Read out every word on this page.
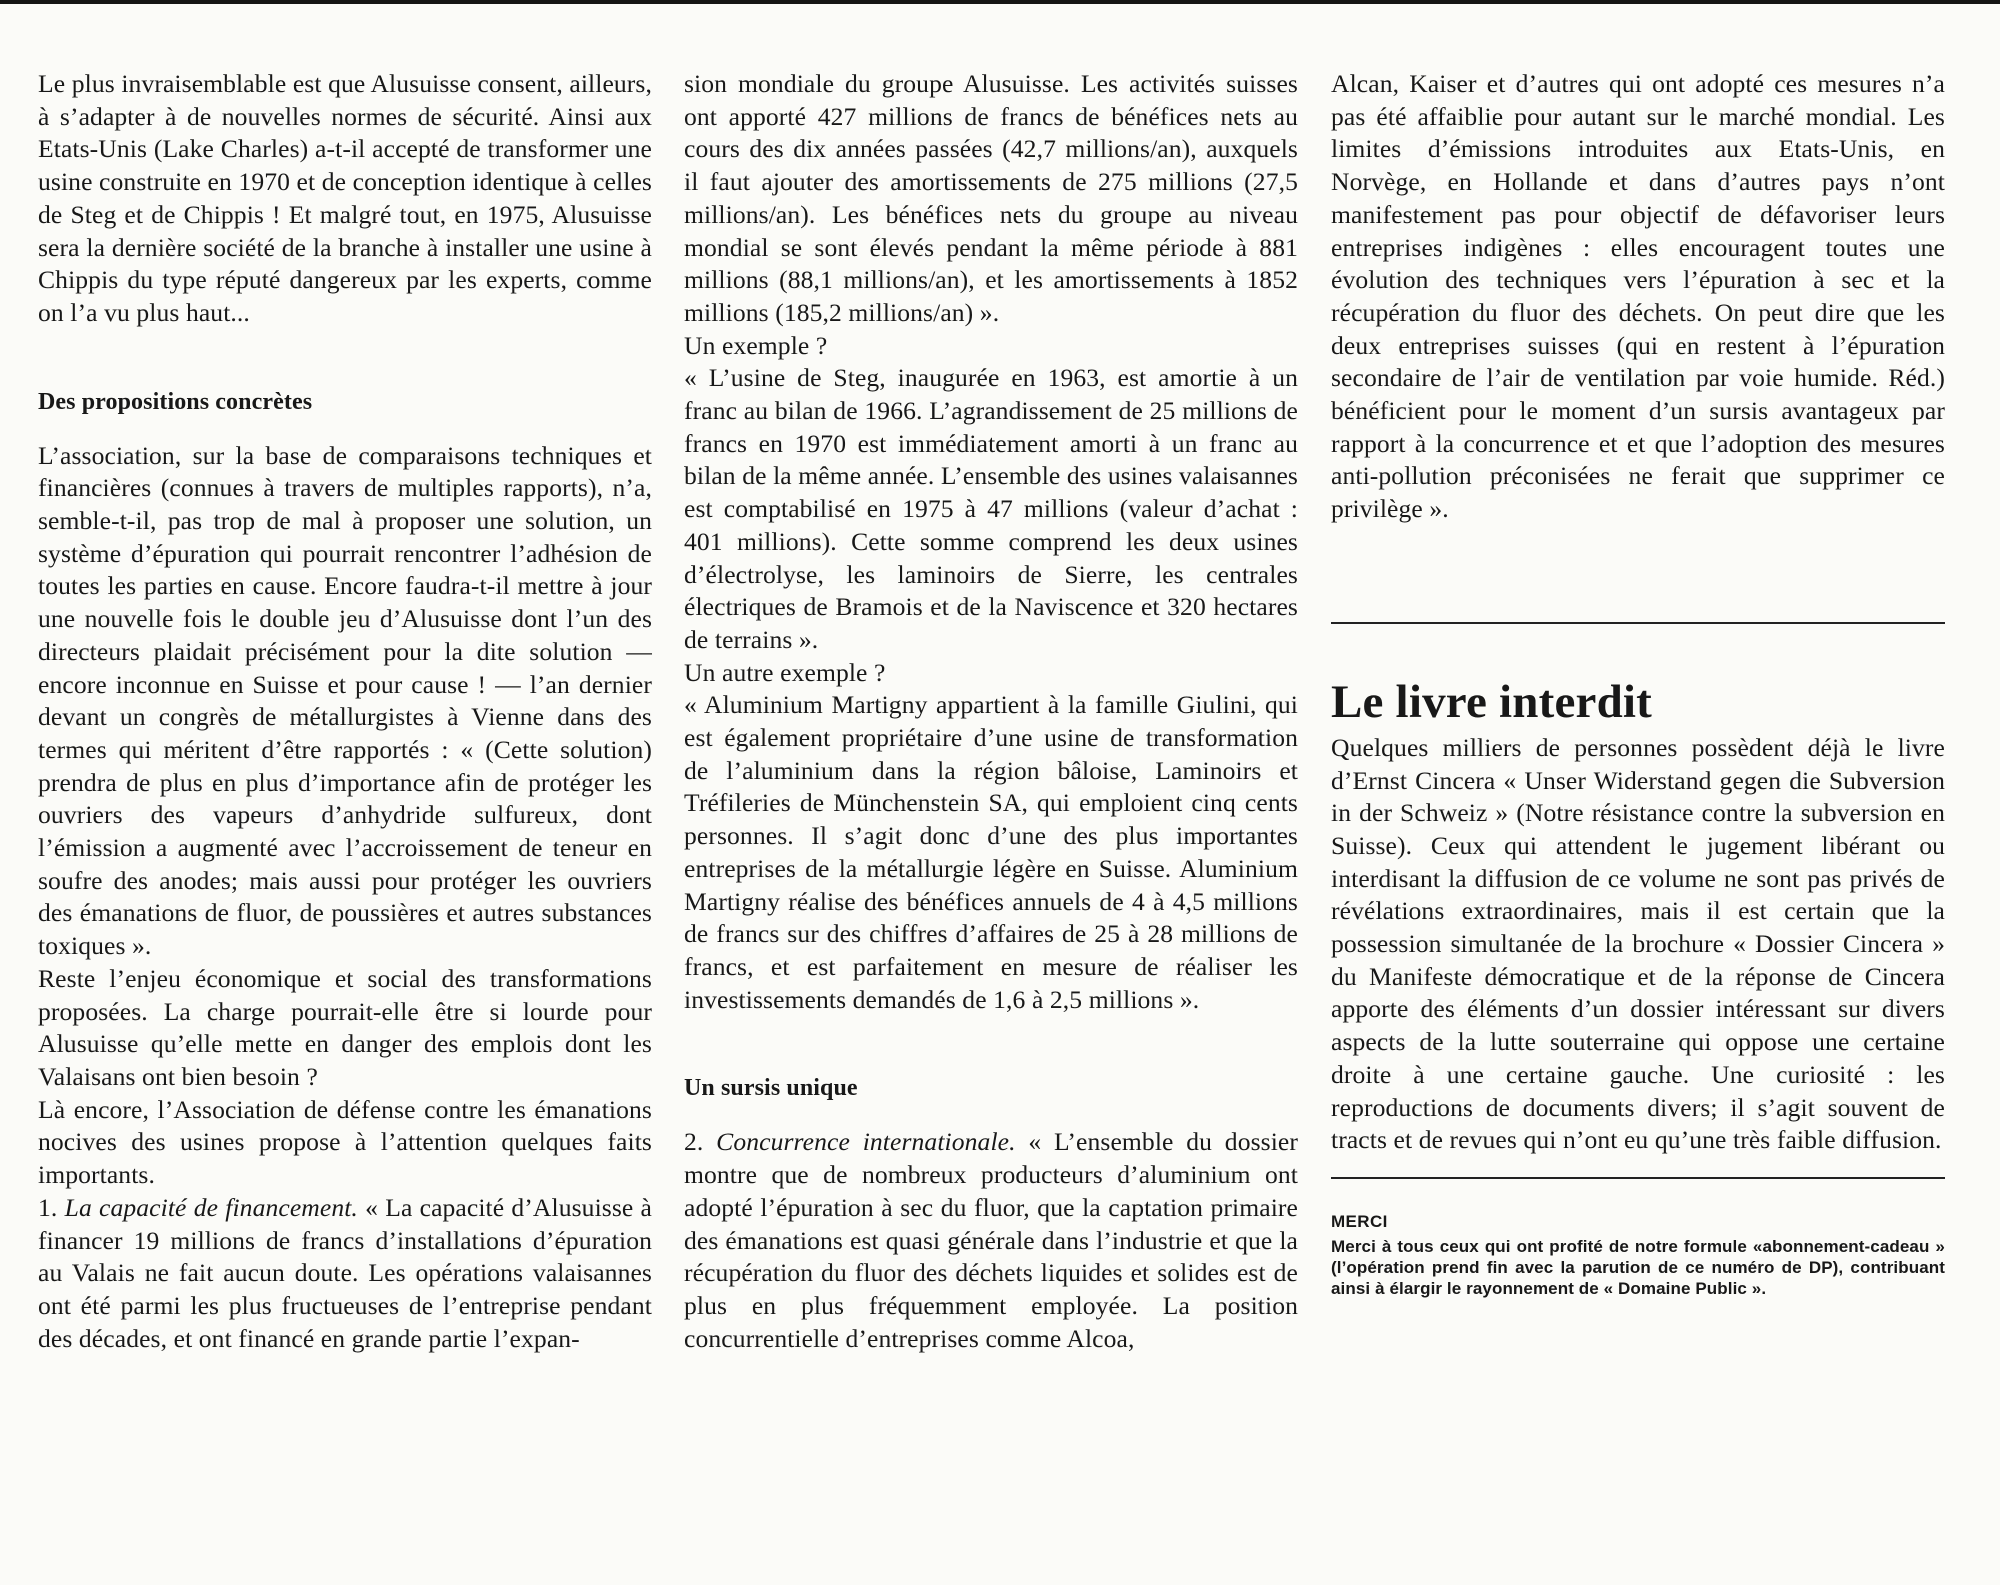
Le plus invraisemblable est que Alusuisse consent, ailleurs, à s’adapter à de nouvelles normes de sécurité. Ainsi aux Etats-Unis (Lake Charles) a-t-il accepté de transformer une usine construite en 1970 et de conception identique à celles de Steg et de Chippis ! Et malgré tout, en 1975, Alusuisse sera la dernière société de la branche à installer une usine à Chippis du type réputé dangereux par les experts, comme on l’a vu plus haut...

Des propositions concrètes

L’association, sur la base de comparaisons techniques et financières (connues à travers de multiples rapports), n’a, semble-t-il, pas trop de mal à proposer une solution, un système d’épuration qui pourrait rencontrer l’adhésion de toutes les parties en cause. Encore faudra-t-il mettre à jour une nouvelle fois le double jeu d’Alusuisse dont l’un des directeurs plaidait précisément pour la dite solution — encore inconnue en Suisse et pour cause ! — l’an dernier devant un congrès de métallurgistes à Vienne dans des termes qui méritent d’être rapportés : « (Cette solution) prendra de plus en plus d’importance afin de protéger les ouvriers des vapeurs d’anhydride sulfureux, dont l’émission a augmenté avec l’accroissement de teneur en soufre des anodes; mais aussi pour protéger les ouvriers des émanations de fluor, de poussières et autres substances toxiques ».

Reste l’enjeu économique et social des transformations proposées. La charge pourrait-elle être si lourde pour Alusuisse qu’elle mette en danger des emplois dont les Valaisans ont bien besoin ?

Là encore, l’Association de défense contre les émanations nocives des usines propose à l’attention quelques faits importants.

1. La capacité de financement. « La capacité d’Alusuisse à financer 19 millions de francs d’installations d’épuration au Valais ne fait aucun doute. Les opérations valaisannes ont été parmi les plus fructueuses de l’entreprise pendant des décades, et ont financé en grande partie l’expan-

sion mondiale du groupe Alusuisse. Les activités suisses ont apporté 427 millions de francs de bénéfices nets au cours des dix années passées (42,7 millions/an), auxquels il faut ajouter des amortissements de 275 millions (27,5 millions/an). Les bénéfices nets du groupe au niveau mondial se sont élevés pendant la même période à 881 millions (88,1 millions/an), et les amortissements à 1852 millions (185,2 millions/an) ».

Un exemple ?

« L’usine de Steg, inaugurée en 1963, est amortie à un franc au bilan de 1966. L’agrandissement de 25 millions de francs en 1970 est immédiatement amorti à un franc au bilan de la même année. L’ensemble des usines valaisannes est comptabilisé en 1975 à 47 millions (valeur d’achat : 401 millions). Cette somme comprend les deux usines d’électrolyse, les laminoirs de Sierre, les centrales électriques de Bramois et de la Naviscence et 320 hectares de terrains ».

Un autre exemple ?

« Aluminium Martigny appartient à la famille Giulini, qui est également propriétaire d’une usine de transformation de l’aluminium dans la région bâloise, Laminoirs et Tréfileries de Münchenstein SA, qui emploient cinq cents personnes. Il s’agit donc d’une des plus importantes entreprises de la métallurgie légère en Suisse. Aluminium Martigny réalise des bénéfices annuels de 4 à 4,5 millions de francs sur des chiffres d’affaires de 25 à 28 millions de francs, et est parfaitement en mesure de réaliser les investissements demandés de 1,6 à 2,5 millions ».

Un sursis unique

2. Concurrence internationale. « L’ensemble du dossier montre que de nombreux producteurs d’aluminium ont adopté l’épuration à sec du fluor, que la captation primaire des émanations est quasi générale dans l’industrie et que la récupération du fluor des déchets liquides et solides est de plus en plus fréquemment employée. La position concurrentielle d’entreprises comme Alcoa,

Alcan, Kaiser et d’autres qui ont adopté ces mesures n’a pas été affaiblie pour autant sur le marché mondial. Les limites d’émissions introduites aux Etats-Unis, en Norvège, en Hollande et dans d’autres pays n’ont manifestement pas pour objectif de défavoriser leurs entreprises indigènes : elles encouragent toutes une évolution des techniques vers l’épuration à sec et la récupération du fluor des déchets. On peut dire que les deux entreprises suisses (qui en restent à l’épuration secondaire de l’air de ventilation par voie humide. Réd.) bénéficient pour le moment d’un sursis avantageux par rapport à la concurrence et et que l’adoption des mesures anti-pollution préconisées ne ferait que supprimer ce privilège ».

Le livre interdit

Quelques milliers de personnes possèdent déjà le livre d’Ernst Cincera « Unser Widerstand gegen die Subversion in der Schweiz » (Notre résistance contre la subversion en Suisse). Ceux qui attendent le jugement libérant ou interdisant la diffusion de ce volume ne sont pas privés de révélations extraordinaires, mais il est certain que la possession simultanée de la brochure « Dossier Cincera » du Manifeste démocratique et de la réponse de Cincera apporte des éléments d’un dossier intéressant sur divers aspects de la lutte souterraine qui oppose une certaine droite à une certaine gauche. Une curiosité : les reproductions de documents divers; il s’agit souvent de tracts et de revues qui n’ont eu qu’une très faible diffusion.

MERCI
Merci à tous ceux qui ont profité de notre formule «abonnement-cadeau » (l’opération prend fin avec la parution de ce numéro de DP), contribuant ainsi à élargir le rayonnement de « Domaine Public ».
